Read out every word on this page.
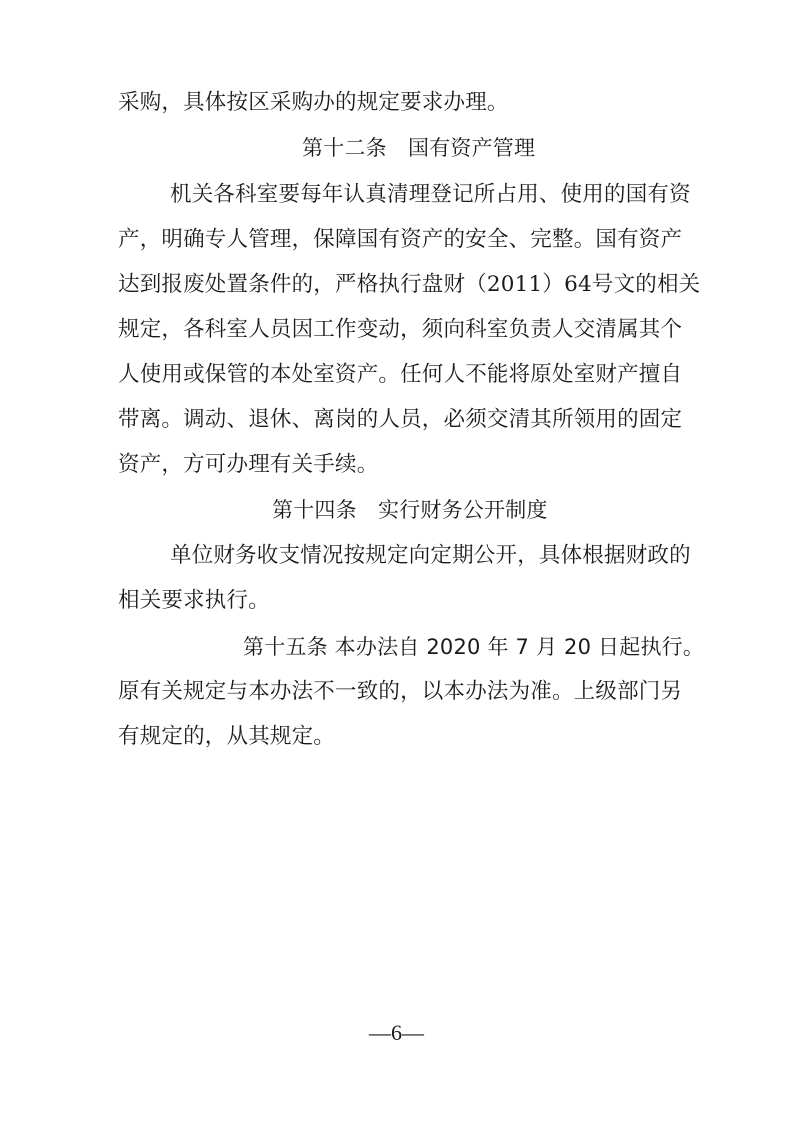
采购，具体按区采购办的规定要求办理。
第十二条　国有资产管理
机关各科室要每年认真清理登记所占用、使用的国有资
产，明确专人管理，保障国有资产的安全、完整。国有资产
达到报废处置条件的，严格执行盘财（2011）64号文的相关
规定，各科室人员因工作变动，须向科室负责人交清属其个
人使用或保管的本处室资产。任何人不能将原处室财产擅自
带离。调动、退休、离岗的人员，必须交清其所领用的固定
资产，方可办理有关手续。
第十四条　实行财务公开制度
单位财务收支情况按规定向定期公开，具体根据财政的
相关要求执行。
第十五条 本办法自 2020 年 7 月 20 日起执行。
原有关规定与本办法不一致的，以本办法为准。上级部门另
有规定的，从其规定。
—6—
